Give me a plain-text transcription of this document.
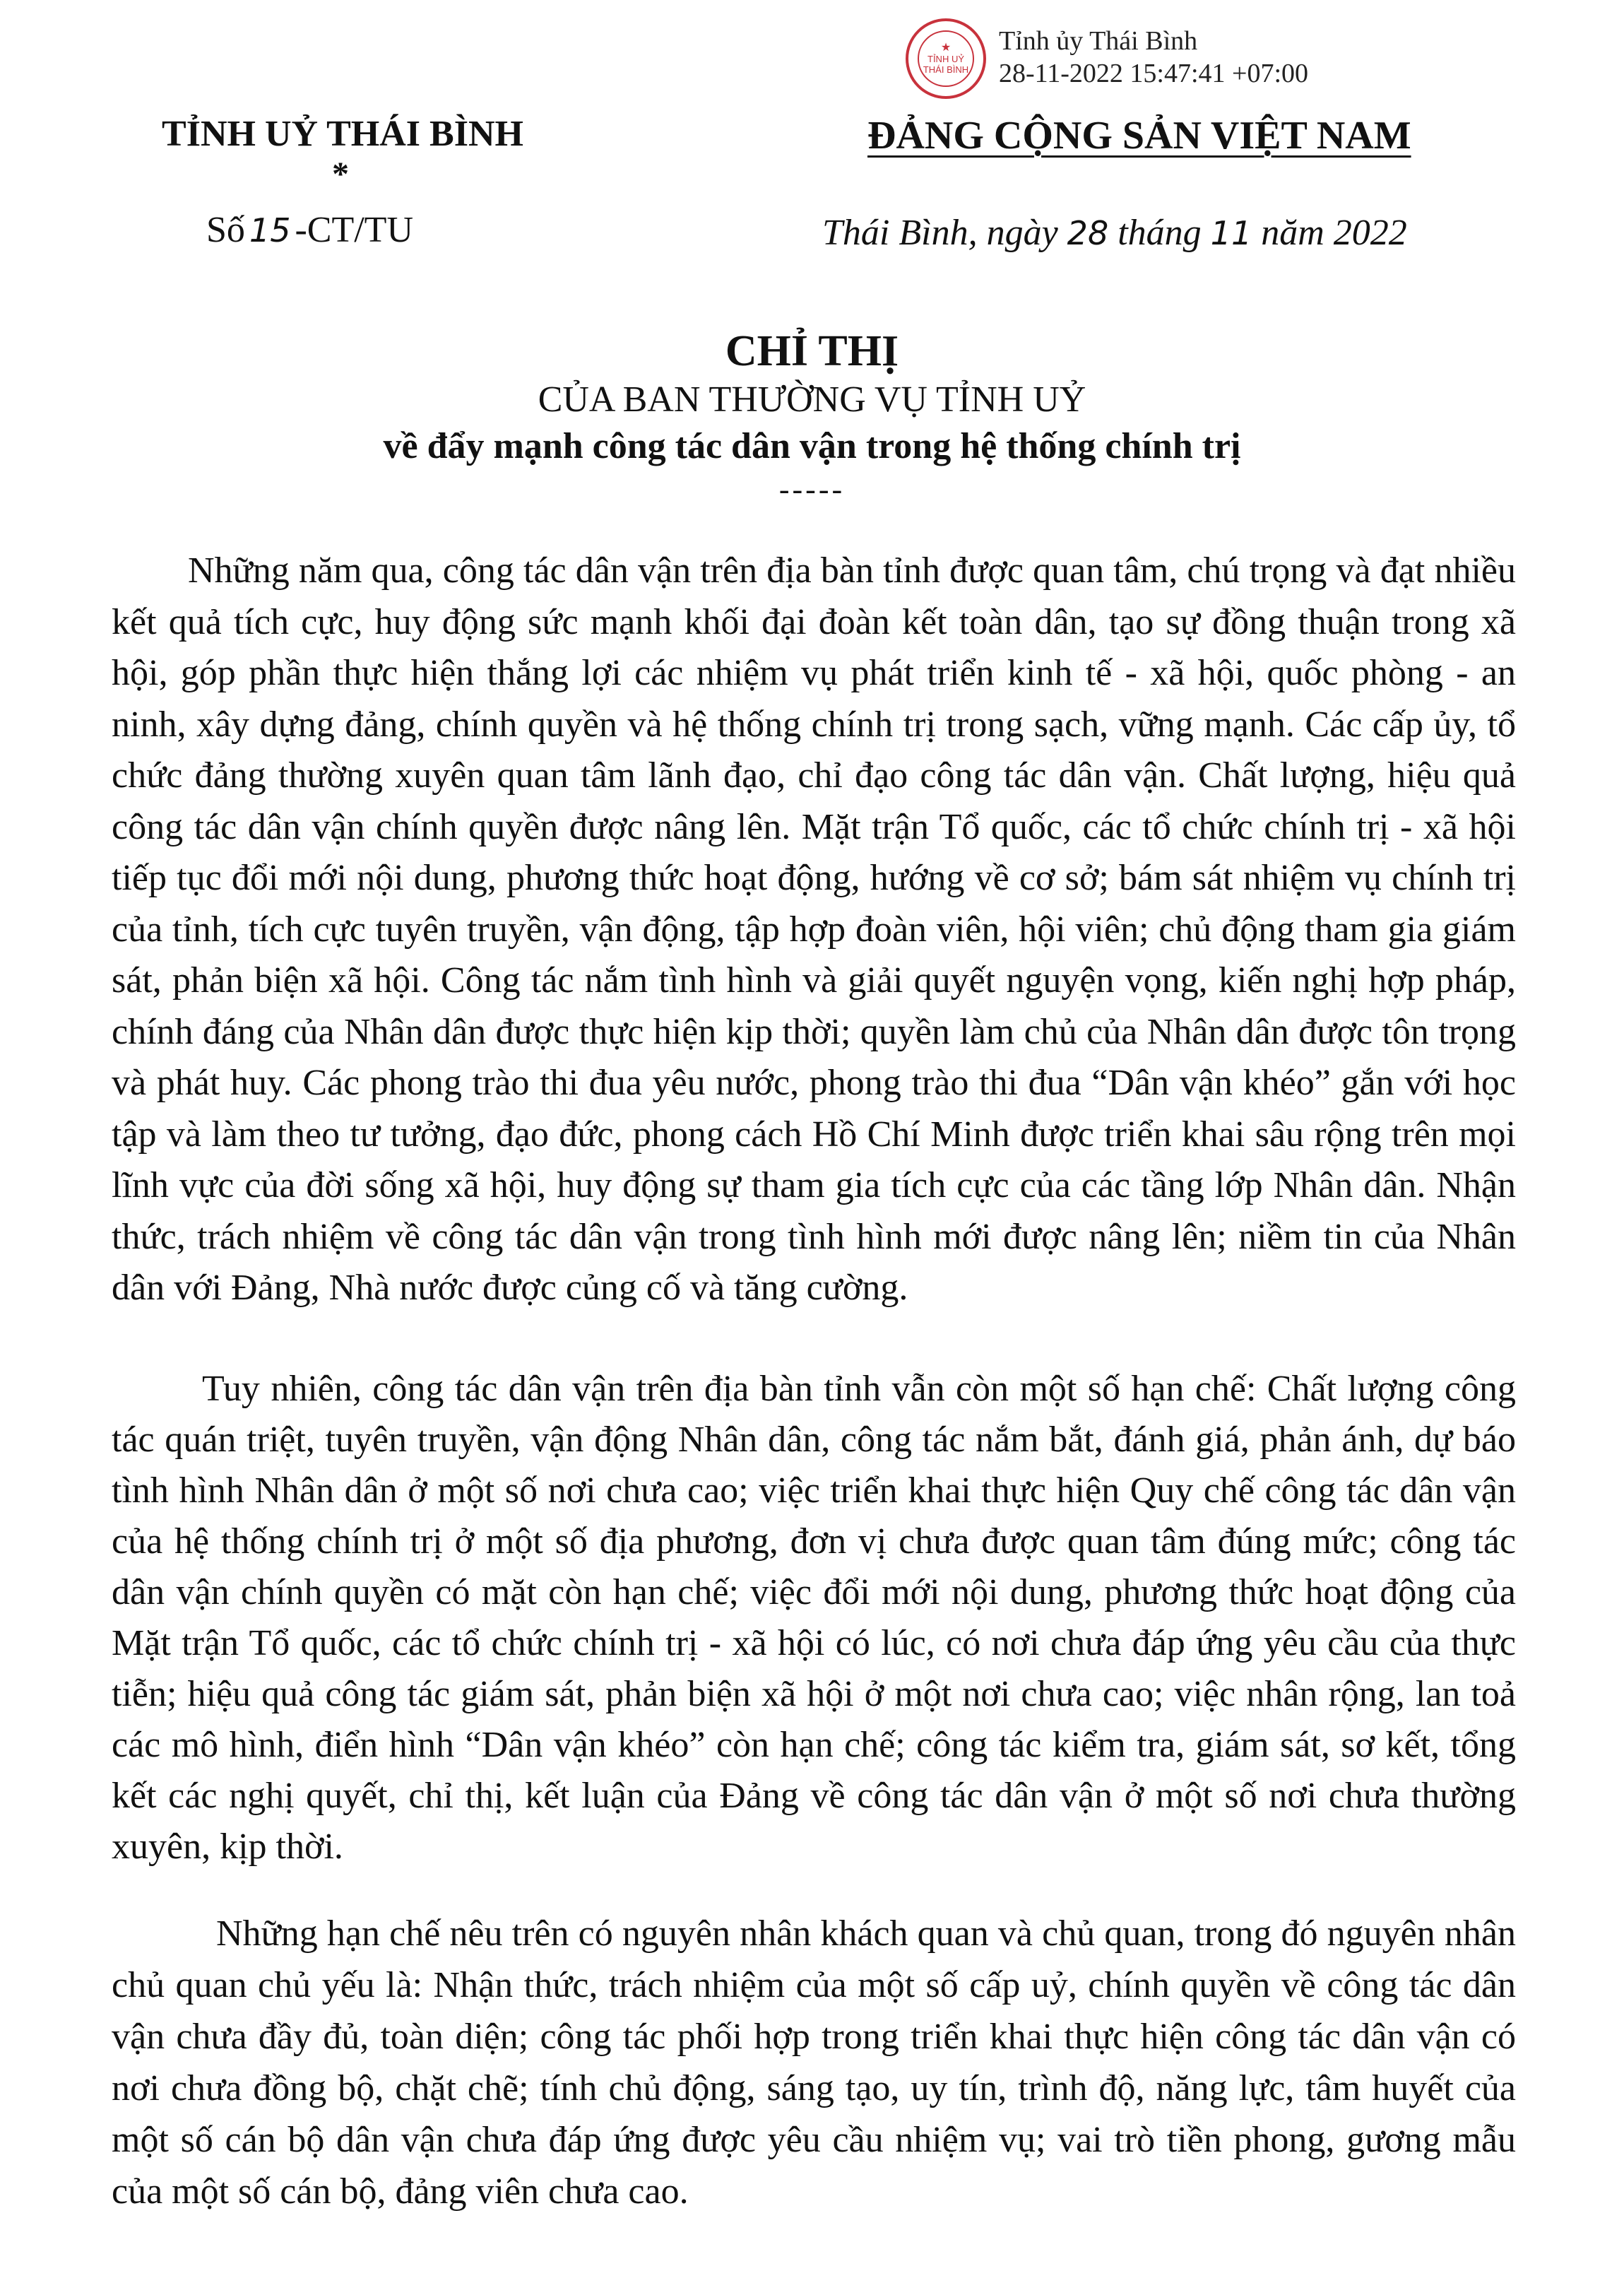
★
TỈNH UỶ THÁI BÌNH
Tỉnh ủy Thái Bình
28-11-2022 15:47:41 +07:00
TỈNH UỶ THÁI BÌNH
*
Số 15 -CT/TU
ĐẢNG CỘNG SẢN VIỆT NAM
Thái Bình, ngày 28 tháng 11 năm 2022
CHỈ THỊ
CỦA BAN THƯỜNG VỤ TỈNH UỶ
về đẩy mạnh công tác dân vận trong hệ thống chính trị
-----

Những năm qua, công tác dân vận trên địa bàn tỉnh được quan tâm, chú trọng và đạt nhiều kết quả tích cực, huy động sức mạnh khối đại đoàn kết toàn dân, tạo sự đồng thuận trong xã hội, góp phần thực hiện thắng lợi các nhiệm vụ phát triển kinh tế - xã hội, quốc phòng - an ninh, xây dựng đảng, chính quyền và hệ thống chính trị trong sạch, vững mạnh. Các cấp ủy, tổ chức đảng thường xuyên quan tâm lãnh đạo, chỉ đạo công tác dân vận. Chất lượng, hiệu quả công tác dân vận chính quyền được nâng lên. Mặt trận Tổ quốc, các tổ chức chính trị - xã hội tiếp tục đổi mới nội dung, phương thức hoạt động, hướng về cơ sở; bám sát nhiệm vụ chính trị của tỉnh, tích cực tuyên truyền, vận động, tập hợp đoàn viên, hội viên; chủ động tham gia giám sát, phản biện xã hội. Công tác nắm tình hình và giải quyết nguyện vọng, kiến nghị hợp pháp, chính đáng của Nhân dân được thực hiện kịp thời; quyền làm chủ của Nhân dân được tôn trọng và phát huy. Các phong trào thi đua yêu nước, phong trào thi đua “Dân vận khéo” gắn với học tập và làm theo tư tưởng, đạo đức, phong cách Hồ Chí Minh được triển khai sâu rộng trên mọi lĩnh vực của đời sống xã hội, huy động sự tham gia tích cực của các tầng lớp Nhân dân. Nhận thức, trách nhiệm về công tác dân vận trong tình hình mới được nâng lên; niềm tin của Nhân dân với Đảng, Nhà nước được củng cố và tăng cường.

Tuy nhiên, công tác dân vận trên địa bàn tỉnh vẫn còn một số hạn chế: Chất lượng công tác quán triệt, tuyên truyền, vận động Nhân dân, công tác nắm bắt, đánh giá, phản ánh, dự báo tình hình Nhân dân ở một số nơi chưa cao; việc triển khai thực hiện Quy chế công tác dân vận của hệ thống chính trị ở một số địa phương, đơn vị chưa được quan tâm đúng mức; công tác dân vận chính quyền có mặt còn hạn chế; việc đổi mới nội dung, phương thức hoạt động của Mặt trận Tổ quốc, các tổ chức chính trị - xã hội có lúc, có nơi chưa đáp ứng yêu cầu của thực tiễn; hiệu quả công tác giám sát, phản biện xã hội ở một nơi chưa cao; việc nhân rộng, lan toả các mô hình, điển hình “Dân vận khéo” còn hạn chế; công tác kiểm tra, giám sát, sơ kết, tổng kết các nghị quyết, chỉ thị, kết luận của Đảng về công tác dân vận ở một số nơi chưa thường xuyên, kịp thời.

Những hạn chế nêu trên có nguyên nhân khách quan và chủ quan, trong đó nguyên nhân chủ quan chủ yếu là: Nhận thức, trách nhiệm của một số cấp uỷ, chính quyền về công tác dân vận chưa đầy đủ, toàn diện; công tác phối hợp trong triển khai thực hiện công tác dân vận có nơi chưa đồng bộ, chặt chẽ; tính chủ động, sáng tạo, uy tín, trình độ, năng lực, tâm huyết của một số cán bộ dân vận chưa đáp ứng được yêu cầu nhiệm vụ; vai trò tiền phong, gương mẫu của một số cán bộ, đảng viên chưa cao.
